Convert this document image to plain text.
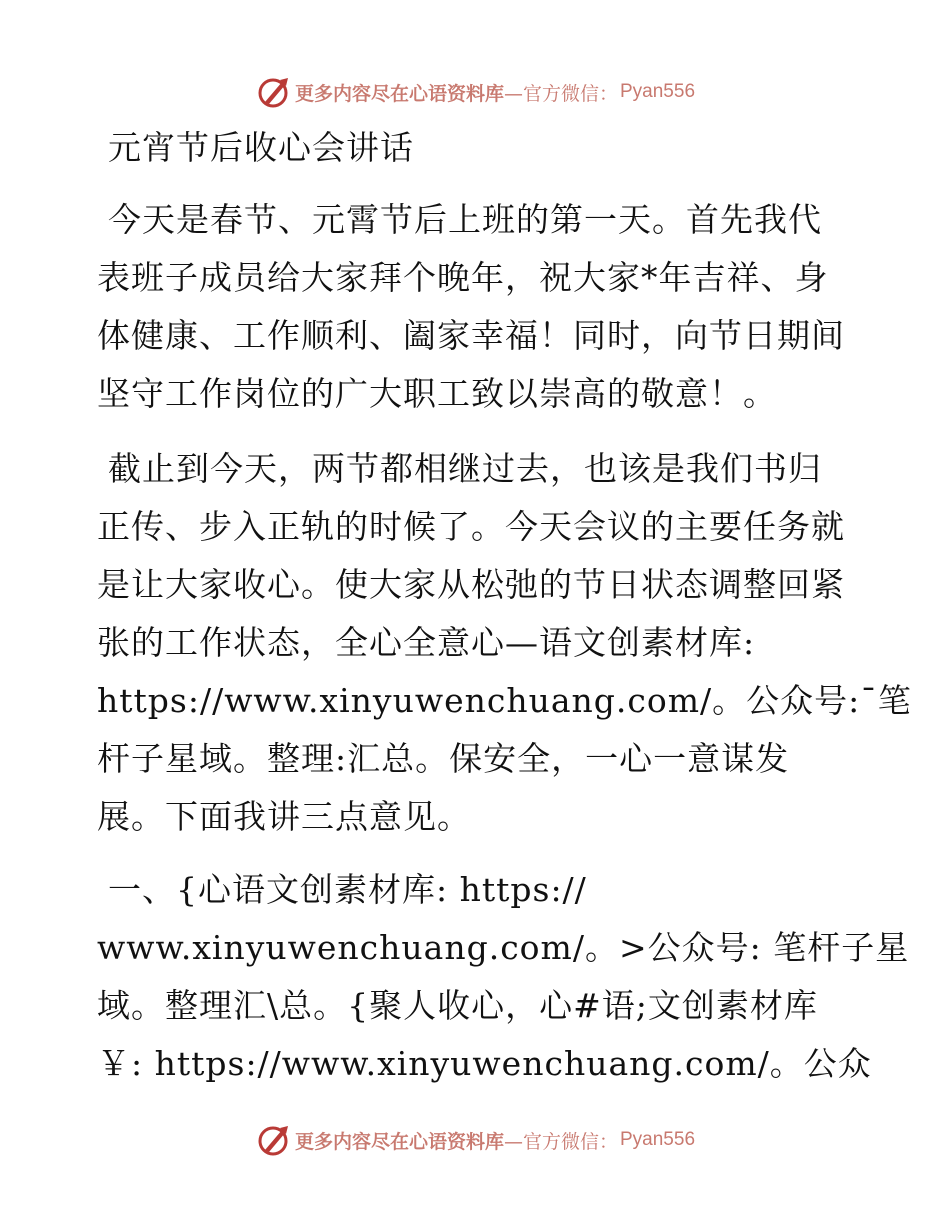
更多内容尽在心语资料库 —官方微信： Pyan556
元宵节后收心会讲话
今天是春节、元霄节后上班的第一天。首先我代
表班子成员给大家拜个晚年，祝大家*年吉祥、身
体健康、工作顺利、阖家幸福！同时，向节日期间
坚守工作岗位的广大职工致以崇高的敬意！。
截止到今天，两节都相继过去，也该是我们书归
正传、步入正轨的时候了。今天会议的主要任务就
是让大家收心。使大家从松弛的节日状态调整回紧
张的工作状态，全心全意心—语文创素材库:
https://www.xinyuwenchuang.com/。公众号:¯笔
杆子星域。整理:汇总。保安全，一心一意谋发
展。下面我讲三点意见。
一、{心语文创素材库: https://
www.xinyuwenchuang.com/。>公众号: 笔杆子星
域。整理汇\总。{聚人收心，心#语;文创素材库
￥: https://www.xinyuwenchuang.com/。公众
更多内容尽在心语资料库 —官方微信： Pyan556
